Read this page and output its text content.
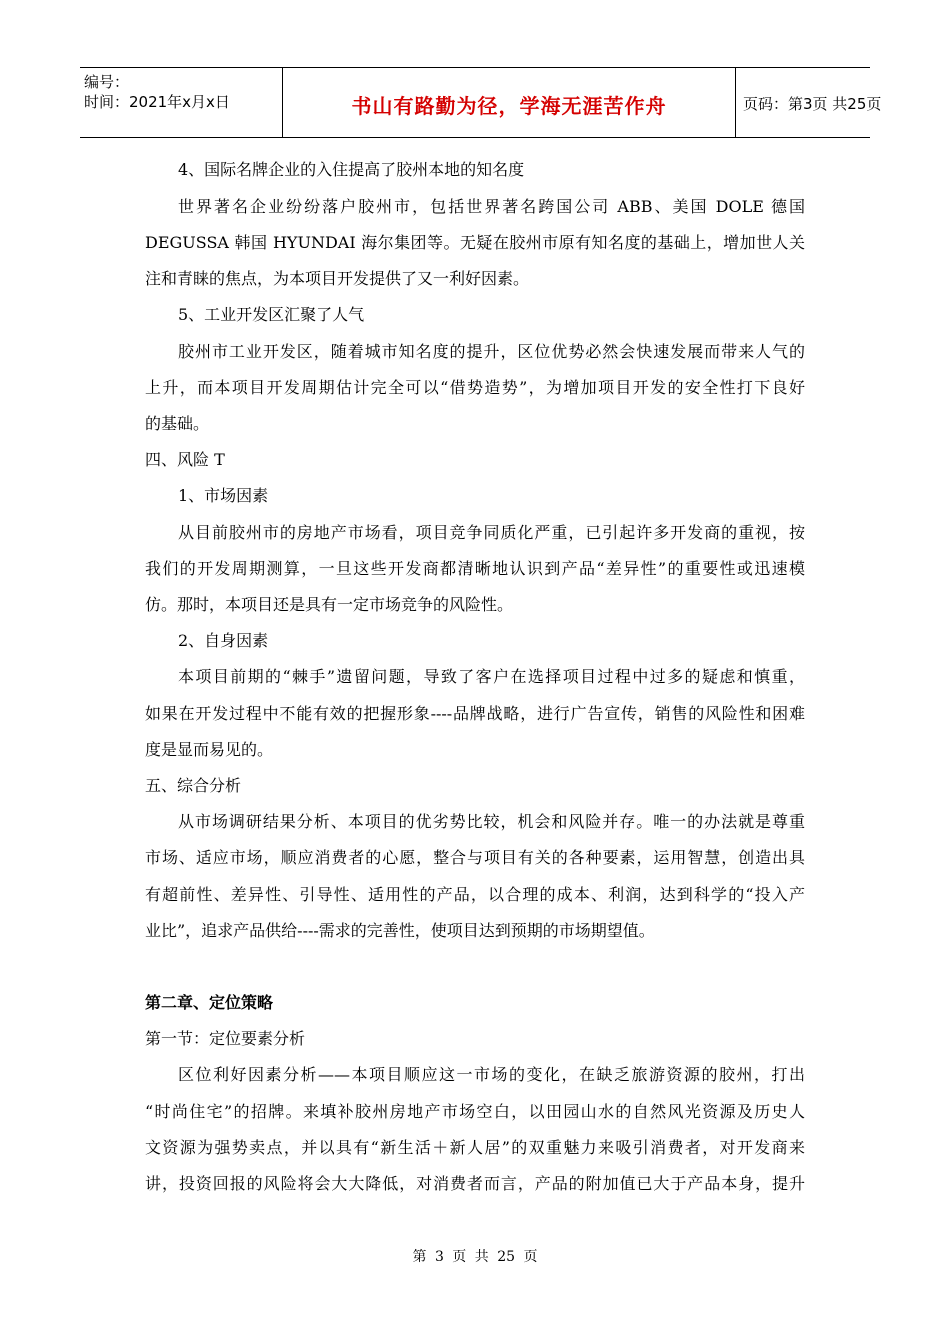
编号：
时间：2021年x月x日	书山有路勤为径，学海无涯苦作舟	页码：第3页 共25页
4、国际名牌企业的入住提高了胶州本地的知名度
世界著名企业纷纷落户胶州市，包括世界著名跨国公司 ABB、美国 DOLE 德国
DEGUSSA 韩国 HYUNDAI 海尔集团等。无疑在胶州市原有知名度的基础上，增加世人关
注和青睐的焦点，为本项目开发提供了又一利好因素。
5、工业开发区汇聚了人气
胶州市工业开发区，随着城市知名度的提升，区位优势必然会快速发展而带来人气的
上升，而本项目开发周期估计完全可以“借势造势”，为增加项目开发的安全性打下良好
的基础。
四、风险 T
1、市场因素
从目前胶州市的房地产市场看，项目竞争同质化严重，已引起许多开发商的重视，按
我们的开发周期测算，一旦这些开发商都清晰地认识到产品“差异性”的重要性或迅速模
仿。那时，本项目还是具有一定市场竞争的风险性。
2、自身因素
本项目前期的“棘手”遗留问题，导致了客户在选择项目过程中过多的疑虑和慎重，
如果在开发过程中不能有效的把握形象----品牌战略，进行广告宣传，销售的风险性和困难
度是显而易见的。
五、综合分析
从市场调研结果分析、本项目的优劣势比较，机会和风险并存。唯一的办法就是尊重
市场、适应市场，顺应消费者的心愿，整合与项目有关的各种要素，运用智慧，创造出具
有超前性、差异性、引导性、适用性的产品，以合理的成本、利润，达到科学的“投入产
业比”，追求产品供给----需求的完善性，使项目达到预期的市场期望值。
第二章、定位策略
第一节：定位要素分析
区位利好因素分析——本项目顺应这一市场的变化，在缺乏旅游资源的胶州，打出
“时尚住宅”的招牌。来填补胶州房地产市场空白，以田园山水的自然风光资源及历史人
文资源为强势卖点，并以具有“新生活＋新人居”的双重魅力来吸引消费者，对开发商来
讲，投资回报的风险将会大大降低，对消费者而言，产品的附加值已大于产品本身，提升
第 3 页 共 25 页
